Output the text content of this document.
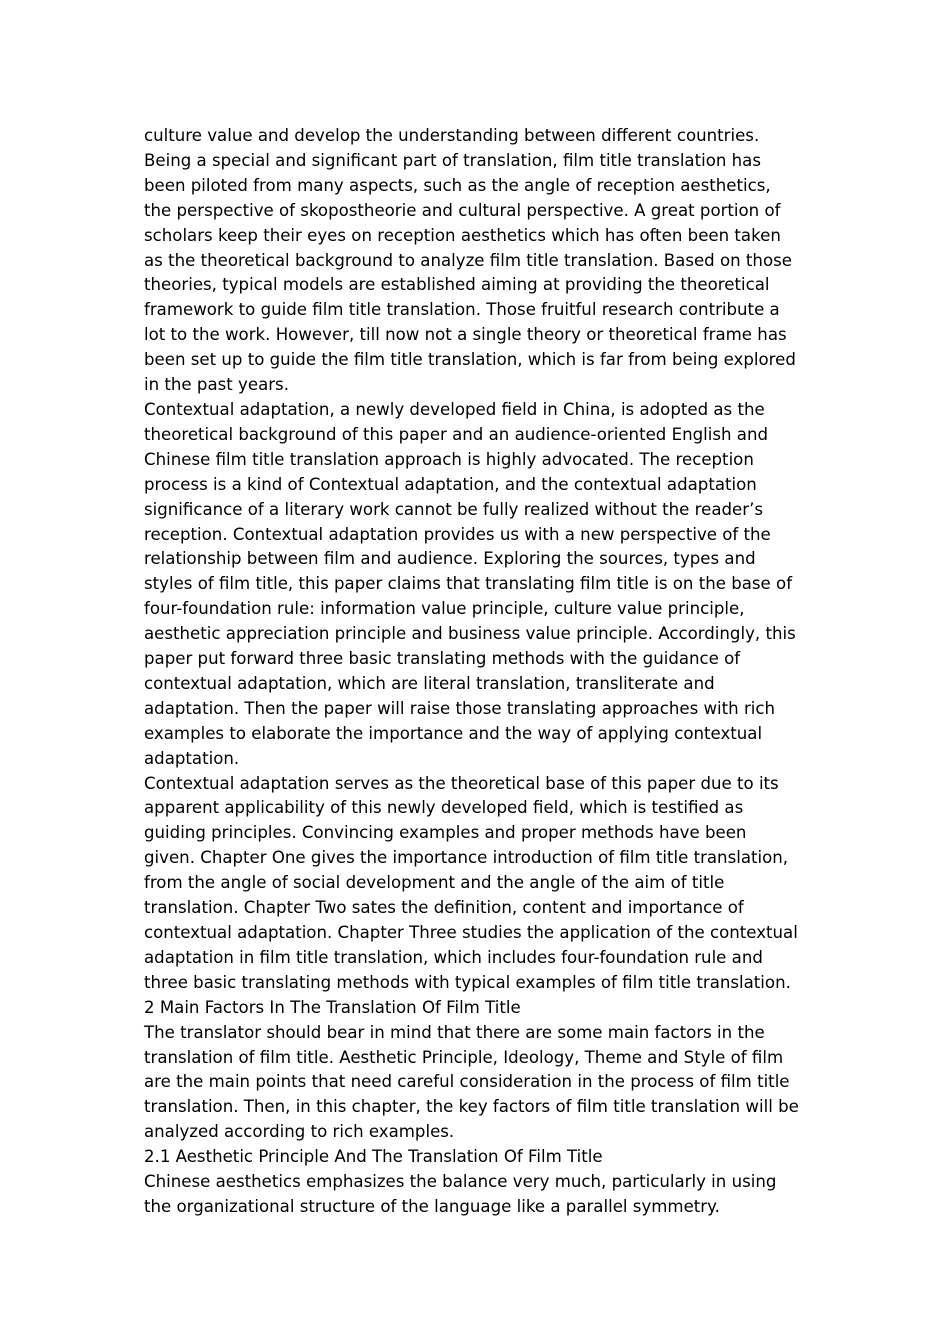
culture value and develop the understanding between different countries.
Being a special and significant part of translation, film title translation has
been piloted from many aspects, such as the angle of reception aesthetics,
the perspective of skopostheorie and cultural perspective. A great portion of
scholars keep their eyes on reception aesthetics which has often been taken
as the theoretical background to analyze film title translation. Based on those
theories, typical models are established aiming at providing the theoretical
framework to guide film title translation. Those fruitful research contribute a
lot to the work. However, till now not a single theory or theoretical frame has
been set up to guide the film title translation, which is far from being explored
in the past years.

Contextual adaptation, a newly developed field in China, is adopted as the
theoretical background of this paper and an audience-oriented English and
Chinese film title translation approach is highly advocated. The reception
process is a kind of Contextual adaptation, and the contextual adaptation
significance of a literary work cannot be fully realized without the reader’s
reception. Contextual adaptation provides us with a new perspective of the
relationship between film and audience. Exploring the sources, types and
styles of film title, this paper claims that translating film title is on the base of
four-foundation rule: information value principle, culture value principle,
aesthetic appreciation principle and business value principle. Accordingly, this
paper put forward three basic translating methods with the guidance of
contextual adaptation, which are literal translation, transliterate and
adaptation. Then the paper will raise those translating approaches with rich
examples to elaborate the importance and the way of applying contextual
adaptation.

Contextual adaptation serves as the theoretical base of this paper due to its
apparent applicability of this newly developed field, which is testified as
guiding principles. Convincing examples and proper methods have been
given. Chapter One gives the importance introduction of film title translation,
from the angle of social development and the angle of the aim of title
translation. Chapter Two sates the definition, content and importance of
contextual adaptation. Chapter Three studies the application of the contextual
adaptation in film title translation, which includes four-foundation rule and
three basic translating methods with typical examples of film title translation.

2 Main Factors In The Translation Of Film Title

The translator should bear in mind that there are some main factors in the
translation of film title. Aesthetic Principle, Ideology, Theme and Style of film
are the main points that need careful consideration in the process of film title
translation. Then, in this chapter, the key factors of film title translation will be
analyzed according to rich examples.

2.1 Aesthetic Principle And The Translation Of Film Title

Chinese aesthetics emphasizes the balance very much, particularly in using
the organizational structure of the language like a parallel symmetry.
